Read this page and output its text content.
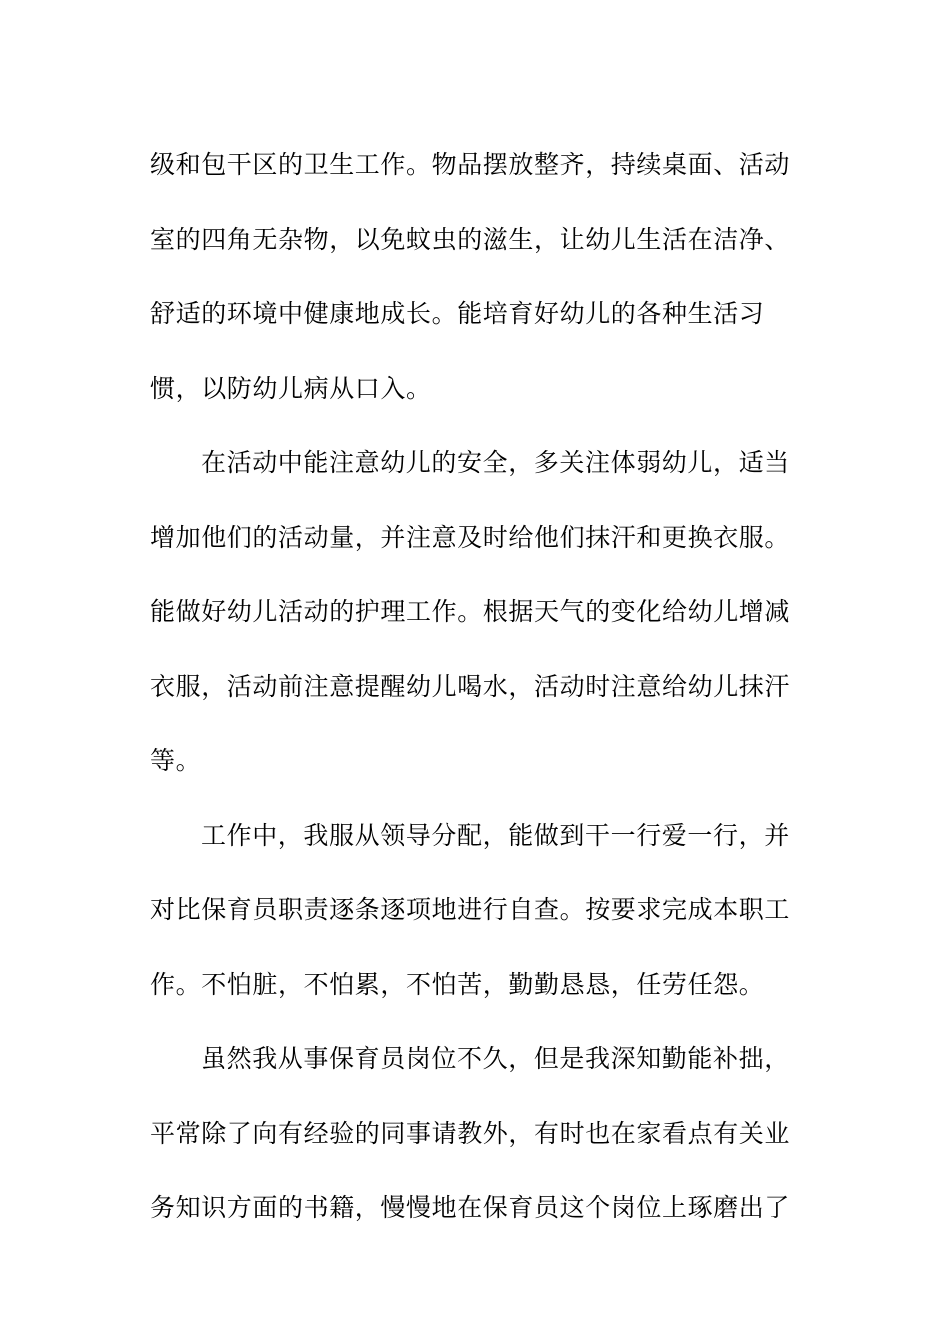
级和包干区的卫生工作。物品摆放整齐，持续桌面、活动
室的四角无杂物，以免蚊虫的滋生，让幼儿生活在洁净、
舒适的环境中健康地成长。能培育好幼儿的各种生活习
惯，以防幼儿病从口入。
在活动中能注意幼儿的安全，多关注体弱幼儿，适当
增加他们的活动量，并注意及时给他们抹汗和更换衣服。
能做好幼儿活动的护理工作。根据天气的变化给幼儿增减
衣服，活动前注意提醒幼儿喝水，活动时注意给幼儿抹汗
等。
工作中，我服从领导分配，能做到干一行爱一行，并
对比保育员职责逐条逐项地进行自查。按要求完成本职工
作。不怕脏，不怕累，不怕苦，勤勤恳恳，任劳任怨。
虽然我从事保育员岗位不久，但是我深知勤能补拙，
平常除了向有经验的同事请教外，有时也在家看点有关业
务知识方面的书籍，慢慢地在保育员这个岗位上琢磨出了
